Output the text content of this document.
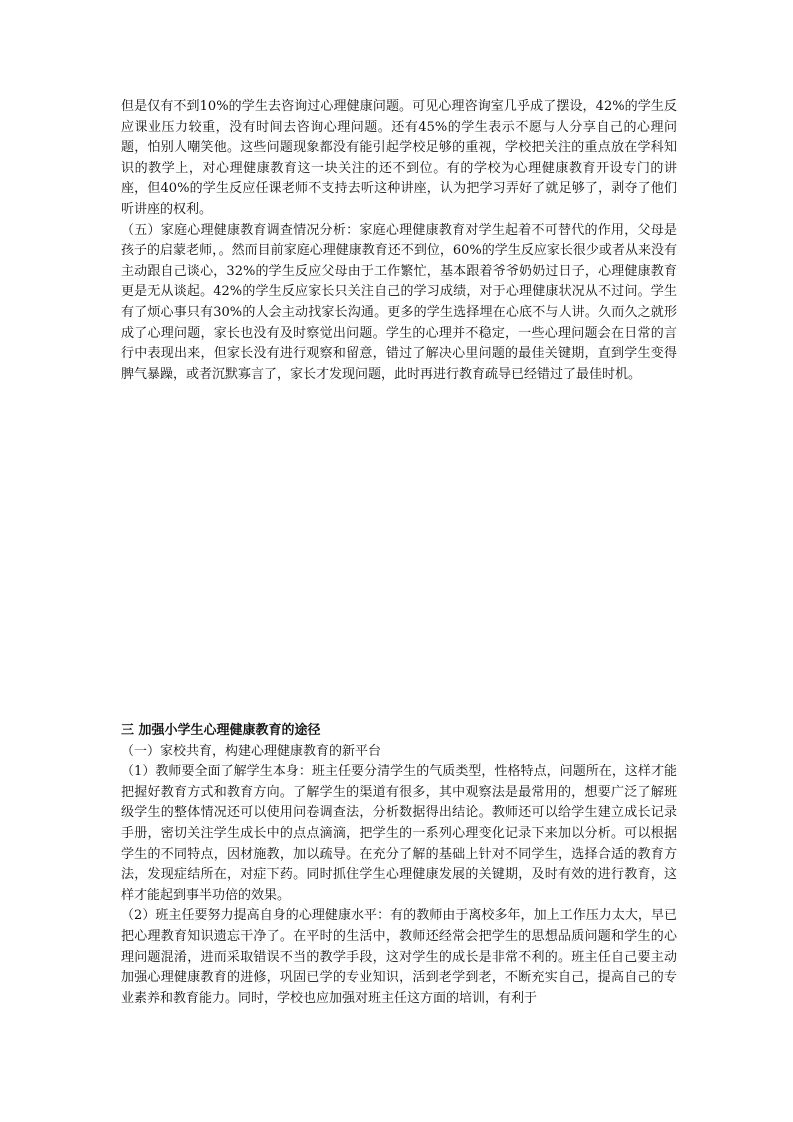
但是仅有不到10%的学生去咨询过心理健康问题。可见心理咨询室几乎成了摆设，42%的学生反应课业压力较重，没有时间去咨询心理问题。还有45%的学生表示不愿与人分享自己的心理问题，怕别人嘲笑他。这些问题现象都没有能引起学校足够的重视，学校把关注的重点放在学科知识的教学上，对心理健康教育这一块关注的还不到位。有的学校为心理健康教育开设专门的讲座，但40%的学生反应任课老师不支持去听这种讲座，认为把学习弄好了就足够了，剥夺了他们听讲座的权利。

（五）家庭心理健康教育调查情况分析：家庭心理健康教育对学生起着不可替代的作用，父母是孩子的启蒙老师，。然而目前家庭心理健康教育还不到位，60%的学生反应家长很少或者从来没有主动跟自己谈心，32%的学生反应父母由于工作繁忙，基本跟着爷爷奶奶过日子，心理健康教育更是无从谈起。42%的学生反应家长只关注自己的学习成绩，对于心理健康状况从不过问。学生有了烦心事只有30%的人会主动找家长沟通。更多的学生选择埋在心底不与人讲。久而久之就形成了心理问题，家长也没有及时察觉出问题。学生的心理并不稳定，一些心理问题会在日常的言行中表现出来，但家长没有进行观察和留意，错过了解决心里问题的最佳关键期，直到学生变得脾气暴躁，或者沉默寡言了，家长才发现问题，此时再进行教育疏导已经错过了最佳时机。

三 加强小学生心理健康教育的途径

（一）家校共育，构建心理健康教育的新平台

（1）教师要全面了解学生本身：班主任要分清学生的气质类型，性格特点，问题所在，这样才能把握好教育方式和教育方向。了解学生的渠道有很多，其中观察法是最常用的，想要广泛了解班级学生的整体情况还可以使用问卷调查法，分析数据得出结论。教师还可以给学生建立成长记录手册，密切关注学生成长中的点点滴滴，把学生的一系列心理变化记录下来加以分析。可以根据学生的不同特点，因材施教，加以疏导。在充分了解的基础上针对不同学生，选择合适的教育方法，发现症结所在，对症下药。同时抓住学生心理健康发展的关键期，及时有效的进行教育，这样才能起到事半功倍的效果。

（2）班主任要努力提高自身的心理健康水平：有的教师由于离校多年，加上工作压力太大，早已把心理教育知识遗忘干净了。在平时的生活中，教师还经常会把学生的思想品质问题和学生的心理问题混淆，进而采取错误不当的教学手段，这对学生的成长是非常不利的。班主任自己要主动加强心理健康教育的进修，巩固已学的专业知识，活到老学到老，不断充实自己，提高自己的专业素养和教育能力。同时，学校也应加强对班主任这方面的培训，有利于
